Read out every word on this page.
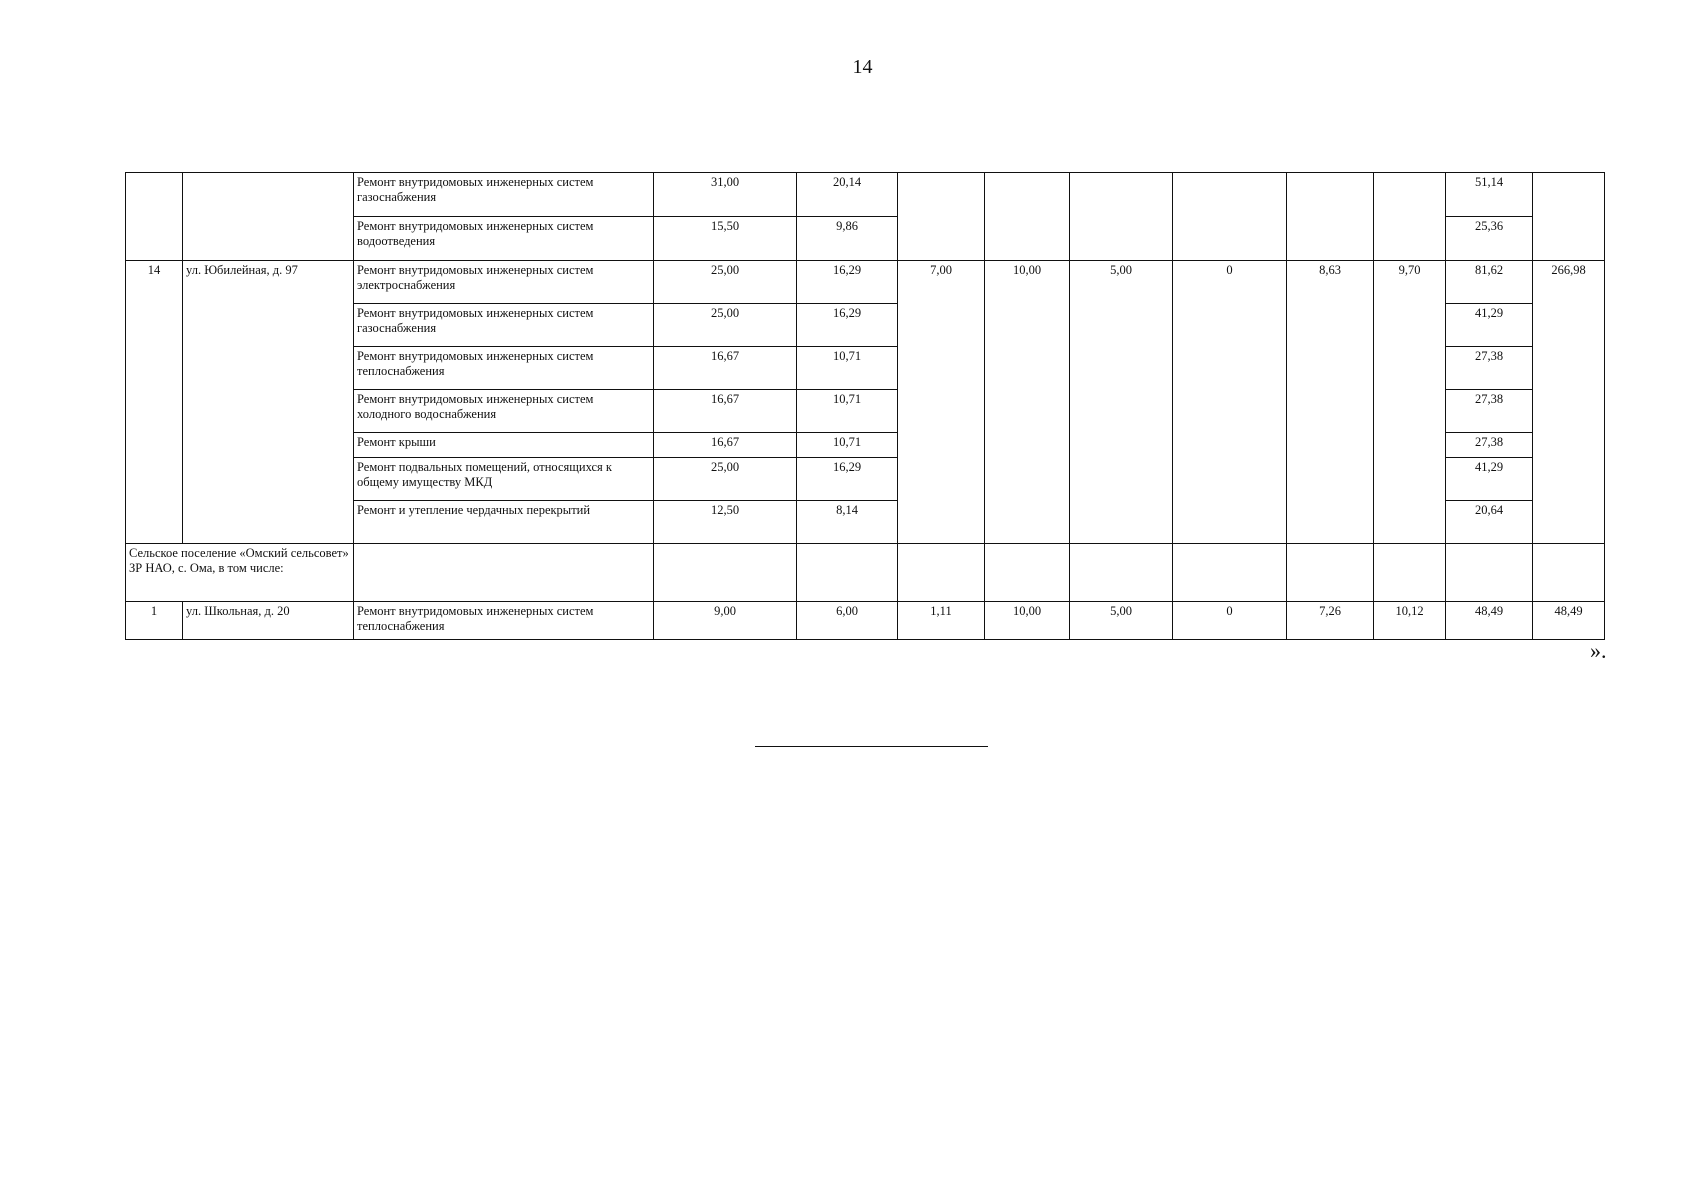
14
		Ремонт внутридомовых инженерных систем газоснабжения	31,00	20,14							51,14	
		Ремонт внутридомовых инженерных систем водоотведения	15,50	9,86							25,36	
14	ул. Юбилейная, д. 97	Ремонт внутридомовых инженерных систем электроснабжения	25,00	16,29	7,00	10,00	5,00	0	8,63	9,70	81,62	266,98
		Ремонт внутридомовых инженерных систем газоснабжения	25,00	16,29							41,29	
		Ремонт внутридомовых инженерных систем теплоснабжения	16,67	10,71							27,38	
		Ремонт внутридомовых инженерных систем холодного водоснабжения	16,67	10,71							27,38	
		Ремонт крыши	16,67	10,71							27,38	
		Ремонт подвальных помещений, относящихся к общему имуществу МКД	25,00	16,29							41,29	
		Ремонт и утепление чердачных перекрытий	12,50	8,14							20,64	
Сельское поселение «Омский сельсовет» ЗР НАО, с. Ома, в том числе:												
1	ул. Школьная, д. 20	Ремонт внутридомовых инженерных систем теплоснабжения	9,00	6,00	1,11	10,00	5,00	0	7,26	10,12	48,49	48,49
».
